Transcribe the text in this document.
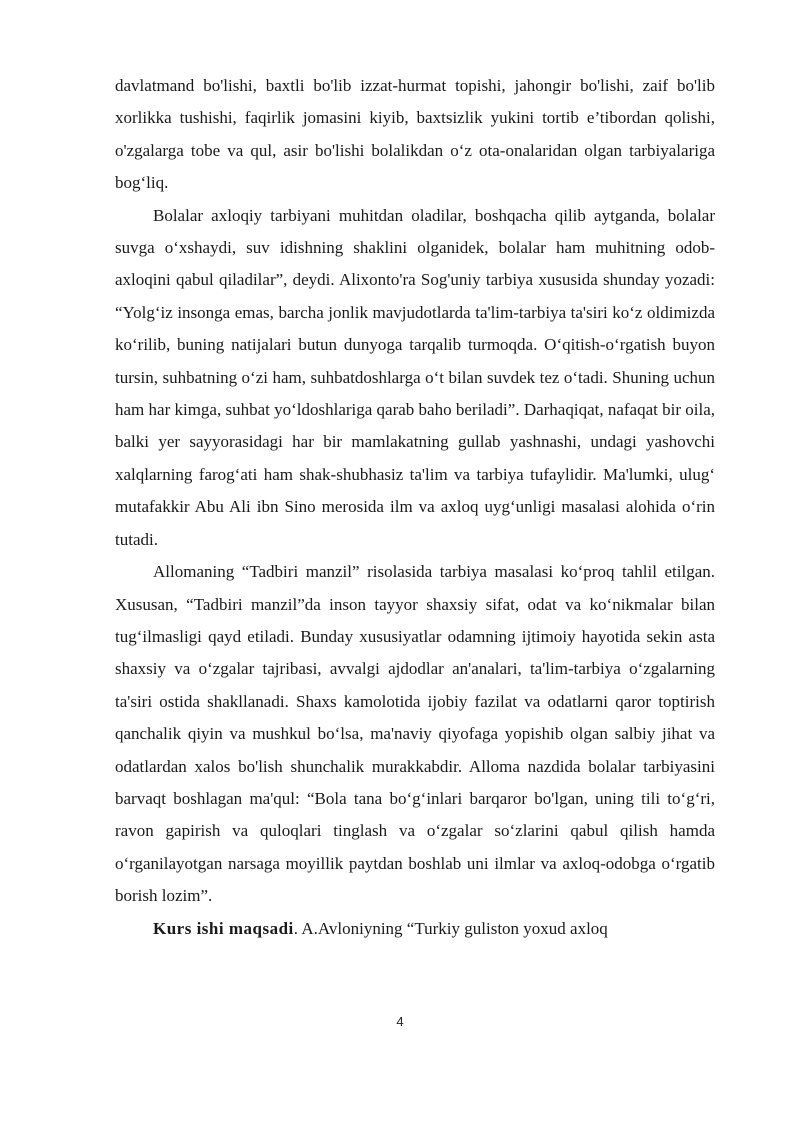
davlatmand bo'lishi, baxtli bo'lib izzat-hurmat topishi, jahongir bo'lishi, zaif bo'lib xorlikka tushishi, faqirlik jomasini kiyib, baxtsizlik yukini tortib e’tibordan qolishi, o'zgalarga tobe va qul, asir bo'lishi bolalikdan o‘z ota-onalaridan olgan tarbiyalariga bog‘liq.

Bolalar axloqiy tarbiyani muhitdan oladilar, boshqacha qilib aytganda, bolalar suvga o‘xshaydi, suv idishning shaklini olganidek, bolalar ham muhitning odob-axloqini qabul qiladilar”, deydi. Alixonto'ra Sog'uniy tarbiya xususida shunday yozadi: “Yolg‘iz insonga emas, barcha jonlik mavjudotlarda ta'lim-tarbiya ta'siri ko‘z oldimizda ko‘rilib, buning natijalari butun dunyoga tarqalib turmoqda. O‘qitish-o‘rgatish buyon tursin, suhbatning o‘zi ham, suhbatdoshlarga o‘t bilan suvdek tez o‘tadi. Shuning uchun ham har kimga, suhbat yo‘ldoshlariga qarab baho beriladi”. Darhaqiqat, nafaqat bir oila, balki yer sayyorasidagi har bir mamlakatning gullab yashnashi, undagi yashovchi xalqlarning farog‘ati ham shak-shubhasiz ta'lim va tarbiya tufaylidir. Ma'lumki, ulug‘ mutafakkir Abu Ali ibn Sino merosida ilm va axloq uyg‘unligi masalasi alohida o‘rin tutadi.

Allomaning “Tadbiri manzil” risolasida tarbiya masalasi ko‘proq tahlil etilgan. Xususan, “Tadbiri manzil”da inson tayyor shaxsiy sifat, odat va ko‘nikmalar bilan tug‘ilmasligi qayd etiladi. Bunday xususiyatlar odamning ijtimoiy hayotida sekin asta shaxsiy va o‘zgalar tajribasi, avvalgi ajdodlar an'analari, ta'lim-tarbiya o‘zgalarning ta'siri ostida shakllanadi. Shaxs kamolotida ijobiy fazilat va odatlarni qaror toptirish qanchalik qiyin va mushkul bo‘lsa, ma'naviy qiyofaga yopishib olgan salbiy jihat va odatlardan xalos bo'lish shunchalik murakkabdir. Alloma nazdida bolalar tarbiyasini barvaqt boshlagan ma'qul: “Bola tana bo‘g‘inlari barqaror bo'lgan, uning tili to‘g‘ri, ravon gapirish va quloqlari tinglash va o‘zgalar so‘zlarini qabul qilish hamda o‘rganilayotgan narsaga moyillik paytdan boshlab uni ilmlar va axloq-odobga o‘rgatib borish lozim”.

Kurs ishi maqsadi. A.Avloniyning “Turkiy guliston yoxud axloq

4
